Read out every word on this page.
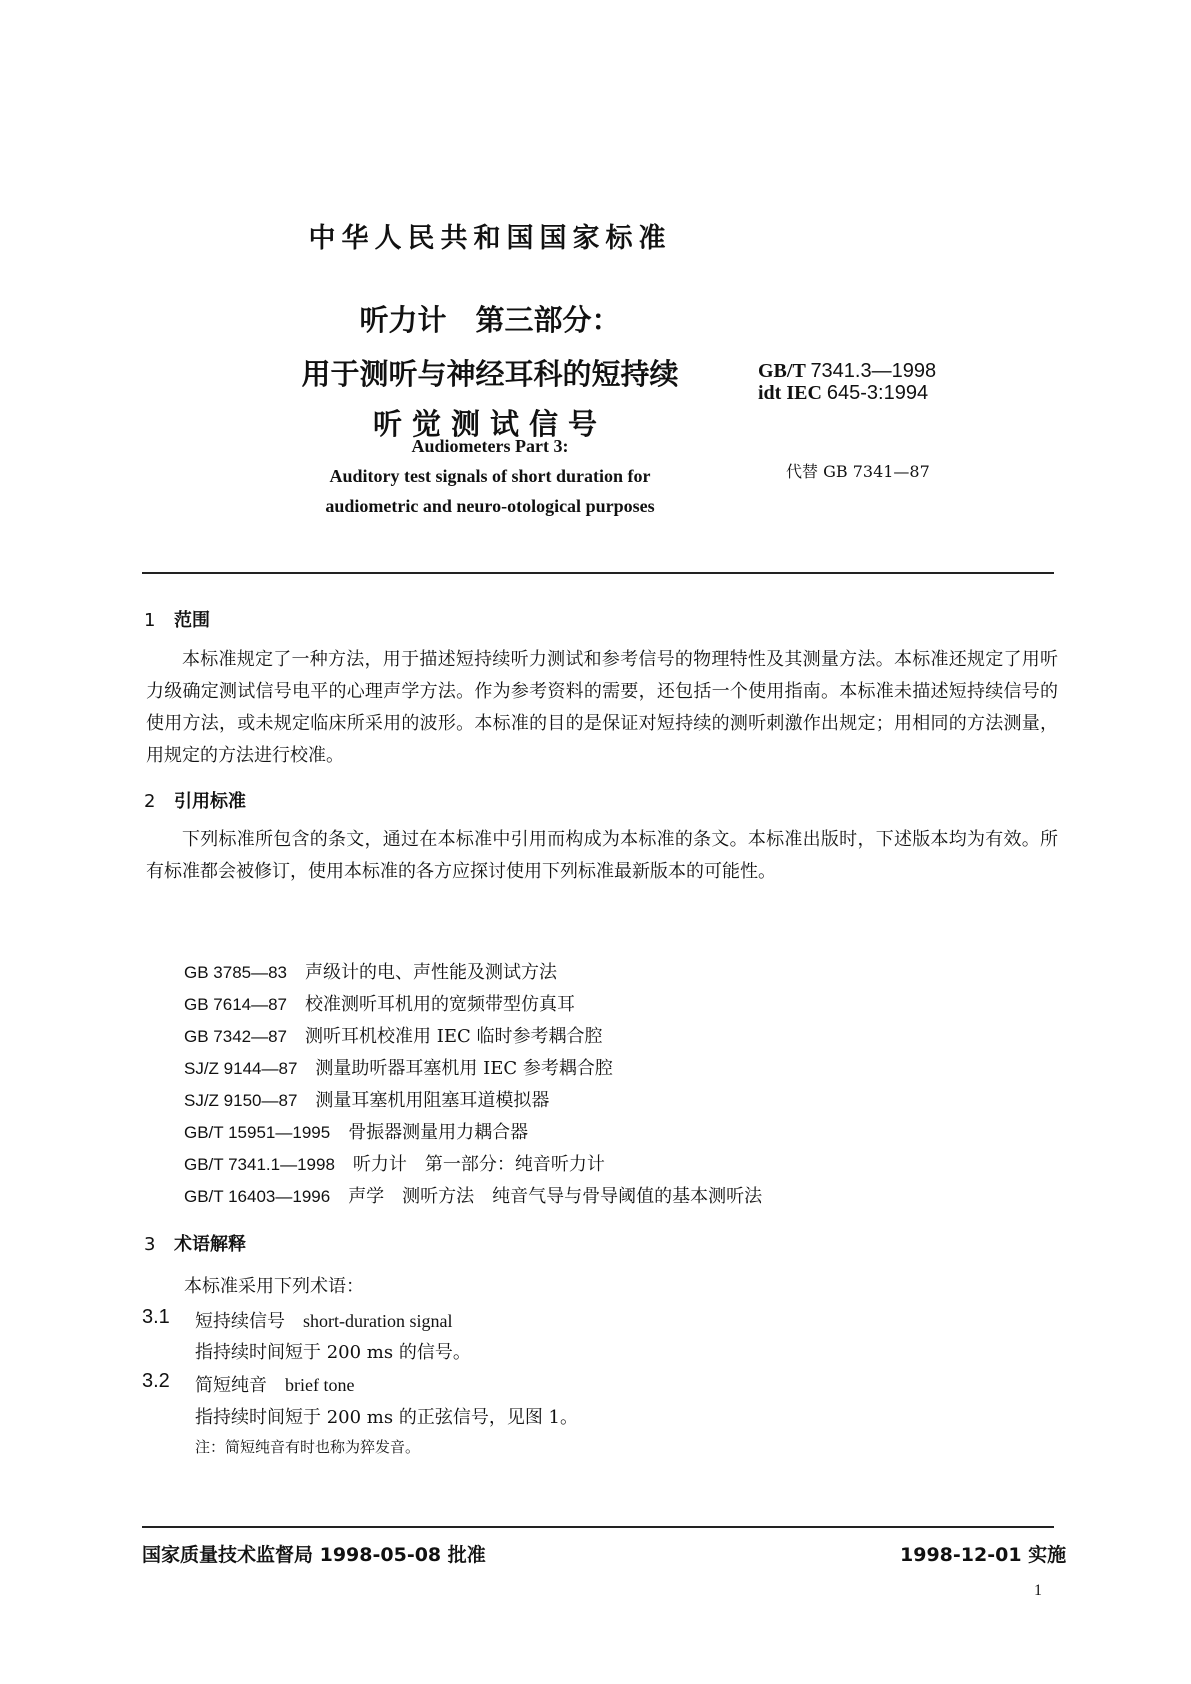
中华人民共和国国家标准
听力计　第三部分：
用于测听与神经耳科的短持续
听觉测试信号
GB/T 7341.3—1998
idt IEC 645-3:1994
代替 GB 7341—87
Audiometers Part 3:
Auditory test signals of short duration for
audiometric and neuro-otological purposes
1 范围
本标准规定了一种方法，用于描述短持续听力测试和参考信号的物理特性及其测量方法。本标准还规定了用听力级确定测试信号电平的心理声学方法。作为参考资料的需要，还包括一个使用指南。本标准未描述短持续信号的使用方法，或未规定临床所采用的波形。本标准的目的是保证对短持续的测听刺激作出规定；用相同的方法测量，用规定的方法进行校准。
2 引用标准
下列标准所包含的条文，通过在本标准中引用而构成为本标准的条文。本标准出版时，下述版本均为有效。所有标准都会被修订，使用本标准的各方应探讨使用下列标准最新版本的可能性。
GB 3785—83 声级计的电、声性能及测试方法
GB 7614—87 校准测听耳机用的宽频带型仿真耳
GB 7342—87 测听耳机校准用 IEC 临时参考耦合腔
SJ/Z 9144—87 测量助听器耳塞机用 IEC 参考耦合腔
SJ/Z 9150—87 测量耳塞机用阻塞耳道模拟器
GB/T 15951—1995 骨振器测量用力耦合器
GB/T 7341.1—1998 听力计　第一部分：纯音听力计
GB/T 16403—1996 声学　测听方法　纯音气导与骨导阈值的基本测听法
3 术语解释
本标准采用下列术语：
3.1 短持续信号 short-duration signal
指持续时间短于 200 ms 的信号。
3.2 简短纯音 brief tone
指持续时间短于 200 ms 的正弦信号，见图 1。
注：简短纯音有时也称为猝发音。
国家质量技术监督局 1998-05-08 批准	1998-12-01 实施
1
